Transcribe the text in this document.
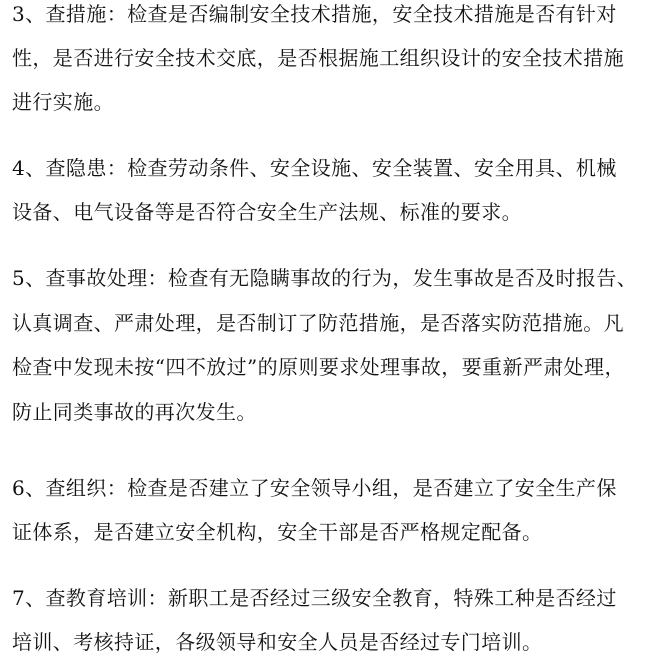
3、查措施：检查是否编制安全技术措施，安全技术措施是否有针对
性，是否进行安全技术交底，是否根据施工组织设计的安全技术措施
进行实施。
4、查隐患：检查劳动条件、安全设施、安全装置、安全用具、机械
设备、电气设备等是否符合安全生产法规、标准的要求。
5、查事故处理：检查有无隐瞒事故的行为，发生事故是否及时报告、
认真调查、严肃处理，是否制订了防范措施，是否落实防范措施。凡
检查中发现未按“四不放过”的原则要求处理事故，要重新严肃处理，
防止同类事故的再次发生。
6、查组织：检查是否建立了安全领导小组，是否建立了安全生产保
证体系，是否建立安全机构，安全干部是否严格规定配备。
7、查教育培训：新职工是否经过三级安全教育，特殊工种是否经过
培训、考核持证，各级领导和安全人员是否经过专门培训。
